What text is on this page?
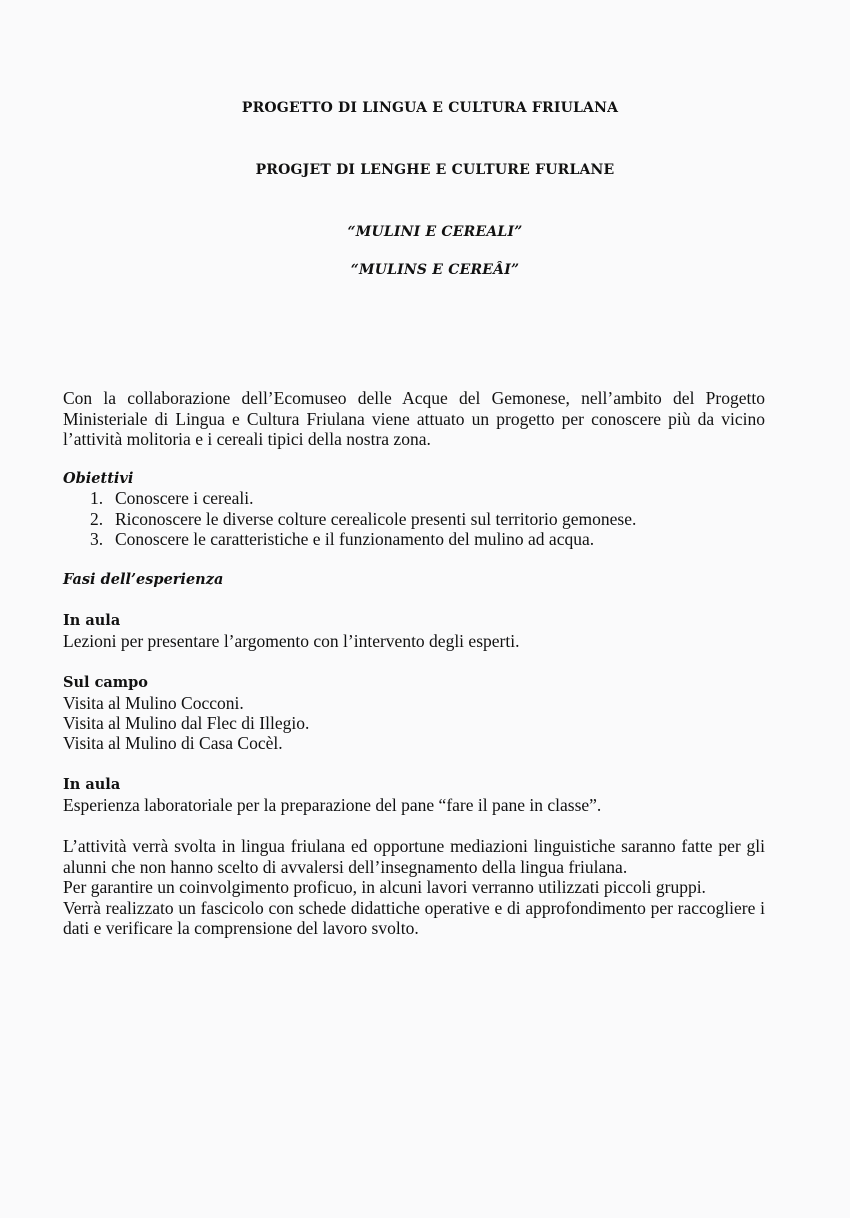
PROGETTO DI LINGUA E CULTURA FRIULANA
PROGJET DI LENGHE E CULTURE FURLANE
“MULINI E CEREALI”
“MULINS E CEREÂI”

Con la collaborazione dell’Ecomuseo delle Acque del Gemonese, nell’ambito del Progetto Ministeriale di Lingua e Cultura Friulana viene attuato un progetto per conoscere più da vicino l’attività molitoria e i cereali tipici della nostra zona.

Obiettivi
1. Conoscere i cereali.
2. Riconoscere le diverse colture cerealicole presenti sul territorio gemonese.
3. Conoscere le caratteristiche e il funzionamento del mulino ad acqua.
Fasi dell’esperienza
In aula
Lezioni per presentare l’argomento con l’intervento degli esperti.
Sul campo
Visita al Mulino Cocconi.
Visita al Mulino dal Flec di Illegio.
Visita al Mulino di Casa Cocèl.
In aula
Esperienza laboratoriale per la preparazione del pane “fare il pane in classe”.

L’attività verrà svolta in lingua friulana ed opportune mediazioni linguistiche saranno fatte per gli alunni che non hanno scelto di avvalersi dell’insegnamento della lingua friulana.

Per garantire un coinvolgimento proficuo, in alcuni lavori verranno utilizzati piccoli gruppi.

Verrà realizzato un fascicolo con schede didattiche operative e di approfondimento per raccogliere i dati e verificare la comprensione del lavoro svolto.
